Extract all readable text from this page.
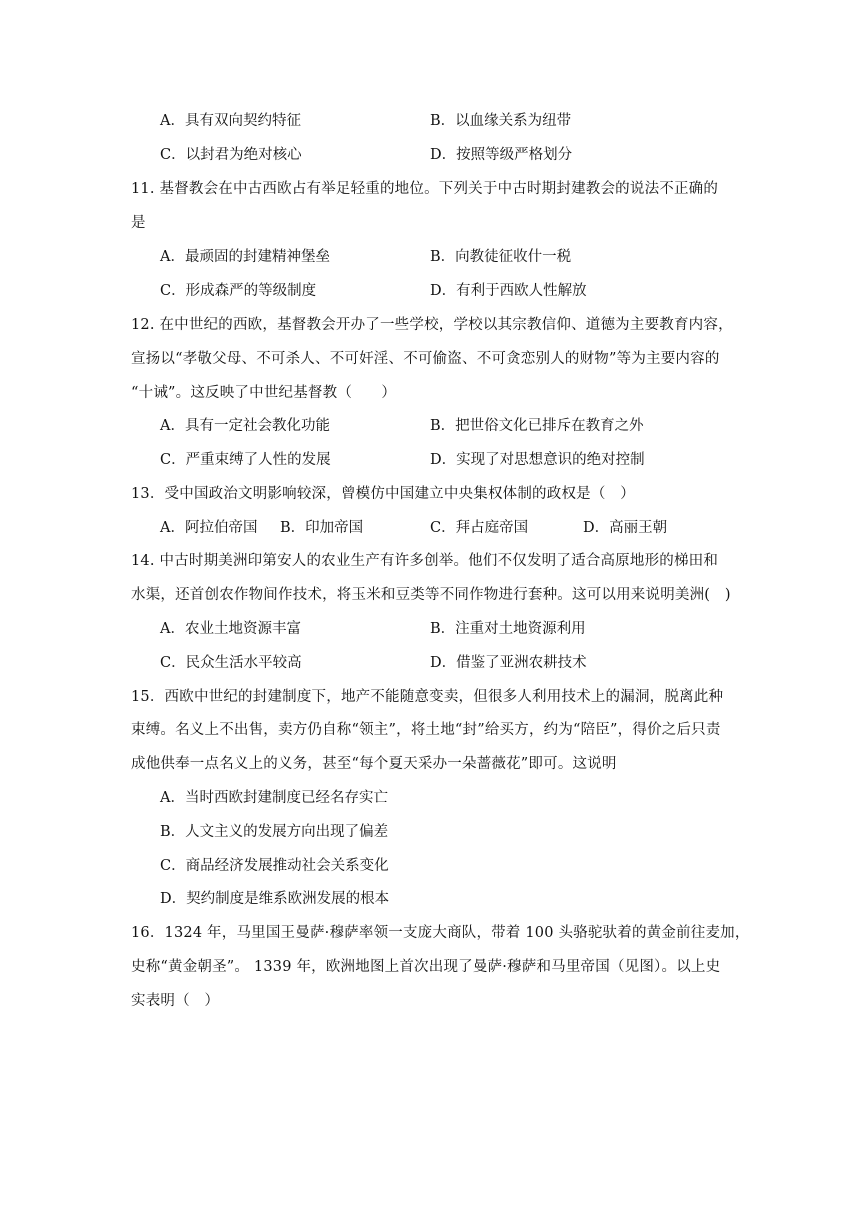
A．具有双向契约特征	B．以血缘关系为纽带
C．以封君为绝对核心	D．按照等级严格划分
11. 基督教会在中古西欧占有举足轻重的地位。下列关于中古时期封建教会的说法不正确的
是
A．最顽固的封建精神堡垒	B．向教徒征收什一税
C．形成森严的等级制度	D．有利于西欧人性解放
12. 在中世纪的西欧，基督教会开办了一些学校，学校以其宗教信仰、道德为主要教育内容，
宣扬以“孝敬父母、不可杀人、不可奸淫、不可偷盗、不可贪恋别人的财物”等为主要内容的
“十诫”。这反映了中世纪基督教（　　）
A．具有一定社会教化功能	B．把世俗文化已排斥在教育之外
C．严重束缚了人性的发展	D．实现了对思想意识的绝对控制
13．受中国政治文明影响较深，曾模仿中国建立中央集权体制的政权是（　）
A．阿拉伯帝国 B．印加帝国	C．拜占庭帝国	D．高丽王朝
14. 中古时期美洲印第安人的农业生产有许多创举。他们不仅发明了适合高原地形的梯田和
水渠，还首创农作物间作技术，将玉米和豆类等不同作物进行套种。这可以用来说明美洲(　)
A．农业土地资源丰富	B．注重对土地资源利用
C．民众生活水平较高	D．借鉴了亚洲农耕技术
15．西欧中世纪的封建制度下，地产不能随意变卖，但很多人利用技术上的漏洞，脱离此种
束缚。名义上不出售，卖方仍自称“领主”，将土地“封”给买方，约为“陪臣”，得价之后只责
成他供奉一点名义上的义务，甚至“每个夏天采办一朵蔷薇花”即可。这说明
A．当时西欧封建制度已经名存实亡
B．人文主义的发展方向出现了偏差
C．商品经济发展推动社会关系变化
D．契约制度是维系欧洲发展的根本
16．1324 年，马里国王曼萨·穆萨率领一支庞大商队，带着 100 头骆驼驮着的黄金前往麦加，
史称“黄金朝圣”。 1339 年，欧洲地图上首次出现了曼萨·穆萨和马里帝国（见图）。以上史
实表明（　）
